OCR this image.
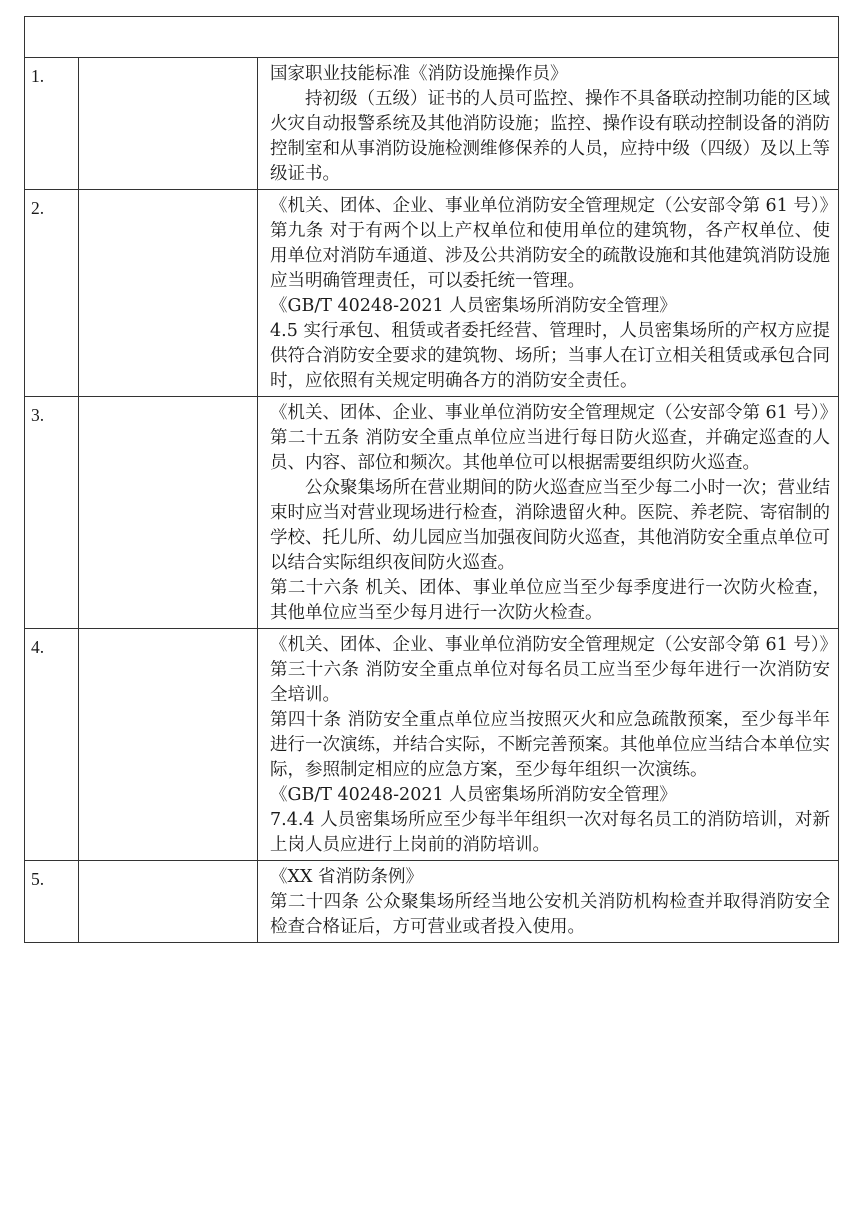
1.		国家职业技能标准《消防设施操作员》

持初级（五级）证书的人员可监控、操作不具备联动控制功能的区域火灾自动报警系统及其他消防设施；监控、操作设有联动控制设备的消防控制室和从事消防设施检测维修保养的人员，应持中级（四级）及以上等级证书。

2.		《机关、团体、企业、事业单位消防安全管理规定（公安部令第 61 号）》

第九条 对于有两个以上产权单位和使用单位的建筑物，各产权单位、使用单位对消防车通道、涉及公共消防安全的疏散设施和其他建筑消防设施应当明确管理责任，可以委托统一管理。

《GB/T 40248-2021 人员密集场所消防安全管理》

4.5 实行承包、租赁或者委托经营、管理时，人员密集场所的产权方应提供符合消防安全要求的建筑物、场所；当事人在订立相关租赁或承包合同时，应依照有关规定明确各方的消防安全责任。

3.		《机关、团体、企业、事业单位消防安全管理规定（公安部令第 61 号）》

第二十五条 消防安全重点单位应当进行每日防火巡查，并确定巡查的人员、内容、部位和频次。其他单位可以根据需要组织防火巡查。

公众聚集场所在营业期间的防火巡查应当至少每二小时一次；营业结束时应当对营业现场进行检查，消除遗留火种。医院、养老院、寄宿制的学校、托儿所、幼儿园应当加强夜间防火巡查，其他消防安全重点单位可以结合实际组织夜间防火巡查。

第二十六条 机关、团体、事业单位应当至少每季度进行一次防火检查，其他单位应当至少每月进行一次防火检查。

4.		《机关、团体、企业、事业单位消防安全管理规定（公安部令第 61 号）》

第三十六条 消防安全重点单位对每名员工应当至少每年进行一次消防安全培训。

第四十条 消防安全重点单位应当按照灭火和应急疏散预案，至少每半年进行一次演练，并结合实际，不断完善预案。其他单位应当结合本单位实际，参照制定相应的应急方案，至少每年组织一次演练。

《GB/T 40248-2021 人员密集场所消防安全管理》

7.4.4 人员密集场所应至少每半年组织一次对每名员工的消防培训，对新上岗人员应进行上岗前的消防培训。

5.		《XX 省消防条例》

第二十四条 公众聚集场所经当地公安机关消防机构检查并取得消防安全检查合格证后，方可营业或者投入使用。
